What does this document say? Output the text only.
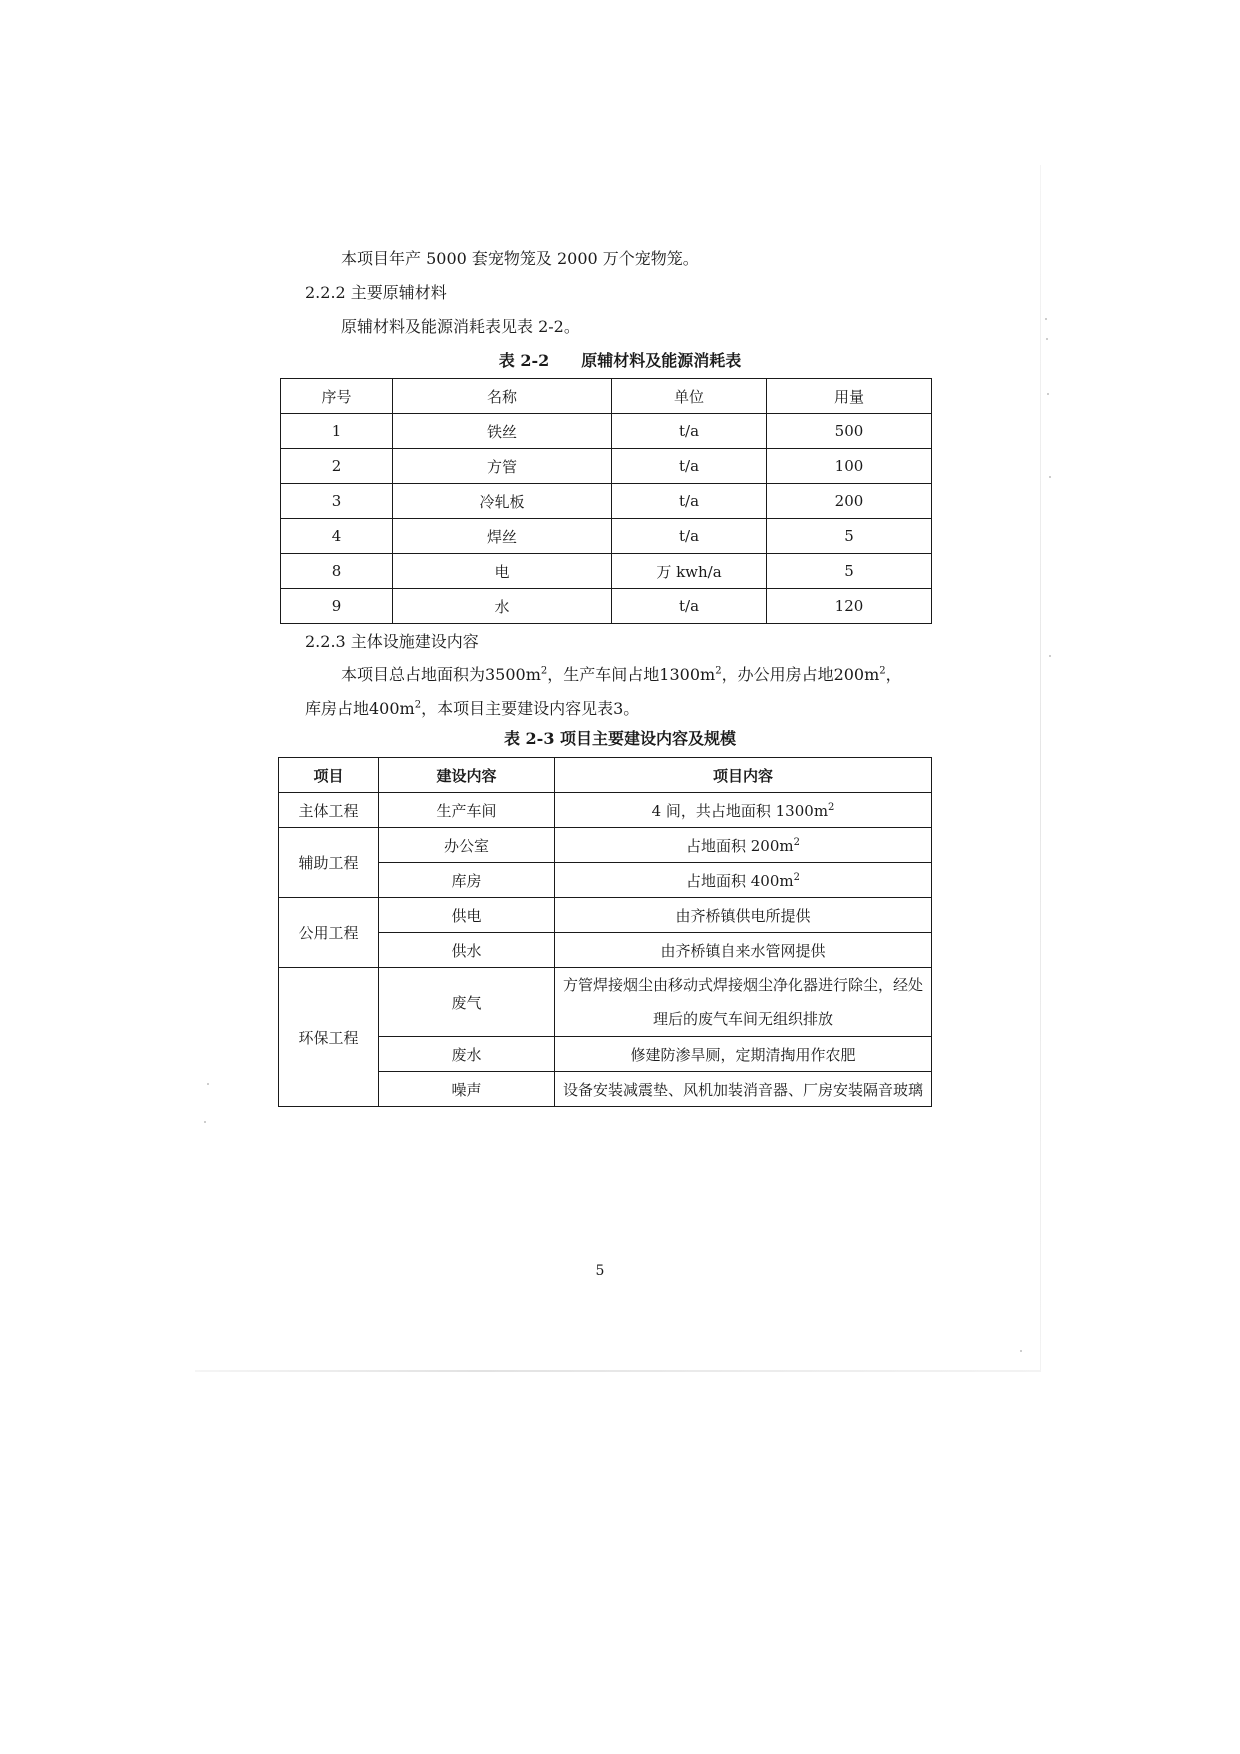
本项目年产 5000 套宠物笼及 2000 万个宠物笼。
2.2.2 主要原辅材料
原辅材料及能源消耗表见表 2-2。
表 2-2　　原辅材料及能源消耗表
序号	名称	单位	用量
1	铁丝	t/a	500
2	方管	t/a	100
3	冷轧板	t/a	200
4	焊丝	t/a	5
8	电	万 kwh/a	5
9	水	t/a	120
2.2.3 主体设施建设内容
本项目总占地面积为$3500m^2$，生产车间占地$1300m^2$，办公用房占地$200m^2$，
库房占地$400m^2$，本项目主要建设内容见表3。
表 2-3 项目主要建设内容及规模
项目	建设内容	项目内容
主体工程	生产车间	4 间，共占地面积 $1300m^2$
辅助工程	办公室	占地面积 $200m^2$
	库房	占地面积 $400m^2$
公用工程	供电	由齐桥镇供电所提供
	供水	由齐桥镇自来水管网提供
环保工程	废气	方管焊接烟尘由移动式焊接烟尘净化器进行除尘，经处理后的废气车间无组织排放
	废水	修建防渗旱厕，定期清掏用作农肥
	噪声	设备安装减震垫、风机加装消音器、厂房安装隔音玻璃
5
